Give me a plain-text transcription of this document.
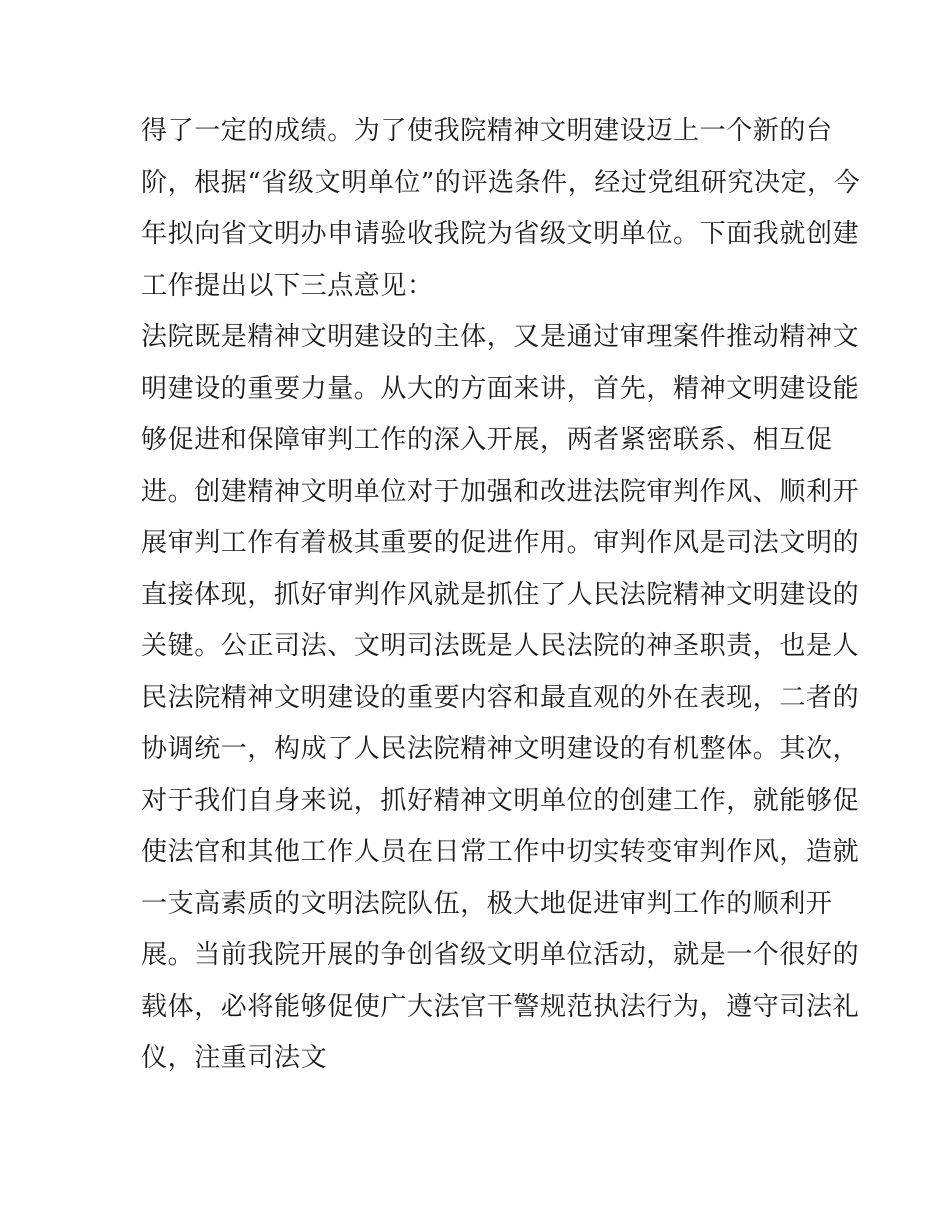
得了一定的成绩。为了使我院精神文明建设迈上一个新的台
阶，根据“省级文明单位”的评选条件，经过党组研究决定，今
年拟向省文明办申请验收我院为省级文明单位。下面我就创建
工作提出以下三点意见：
法院既是精神文明建设的主体，又是通过审理案件推动精神文
明建设的重要力量。从大的方面来讲，首先，精神文明建设能
够促进和保障审判工作的深入开展，两者紧密联系、相互促
进。创建精神文明单位对于加强和改进法院审判作风、顺利开
展审判工作有着极其重要的促进作用。审判作风是司法文明的
直接体现，抓好审判作风就是抓住了人民法院精神文明建设的
关键。公正司法、文明司法既是人民法院的神圣职责，也是人
民法院精神文明建设的重要内容和最直观的外在表现，二者的
协调统一，构成了人民法院精神文明建设的有机整体。其次，
对于我们自身来说，抓好精神文明单位的创建工作，就能够促
使法官和其他工作人员在日常工作中切实转变审判作风，造就
一支高素质的文明法院队伍，极大地促进审判工作的顺利开
展。当前我院开展的争创省级文明单位活动，就是一个很好的
载体，必将能够促使广大法官干警规范执法行为，遵守司法礼
仪，注重司法文
